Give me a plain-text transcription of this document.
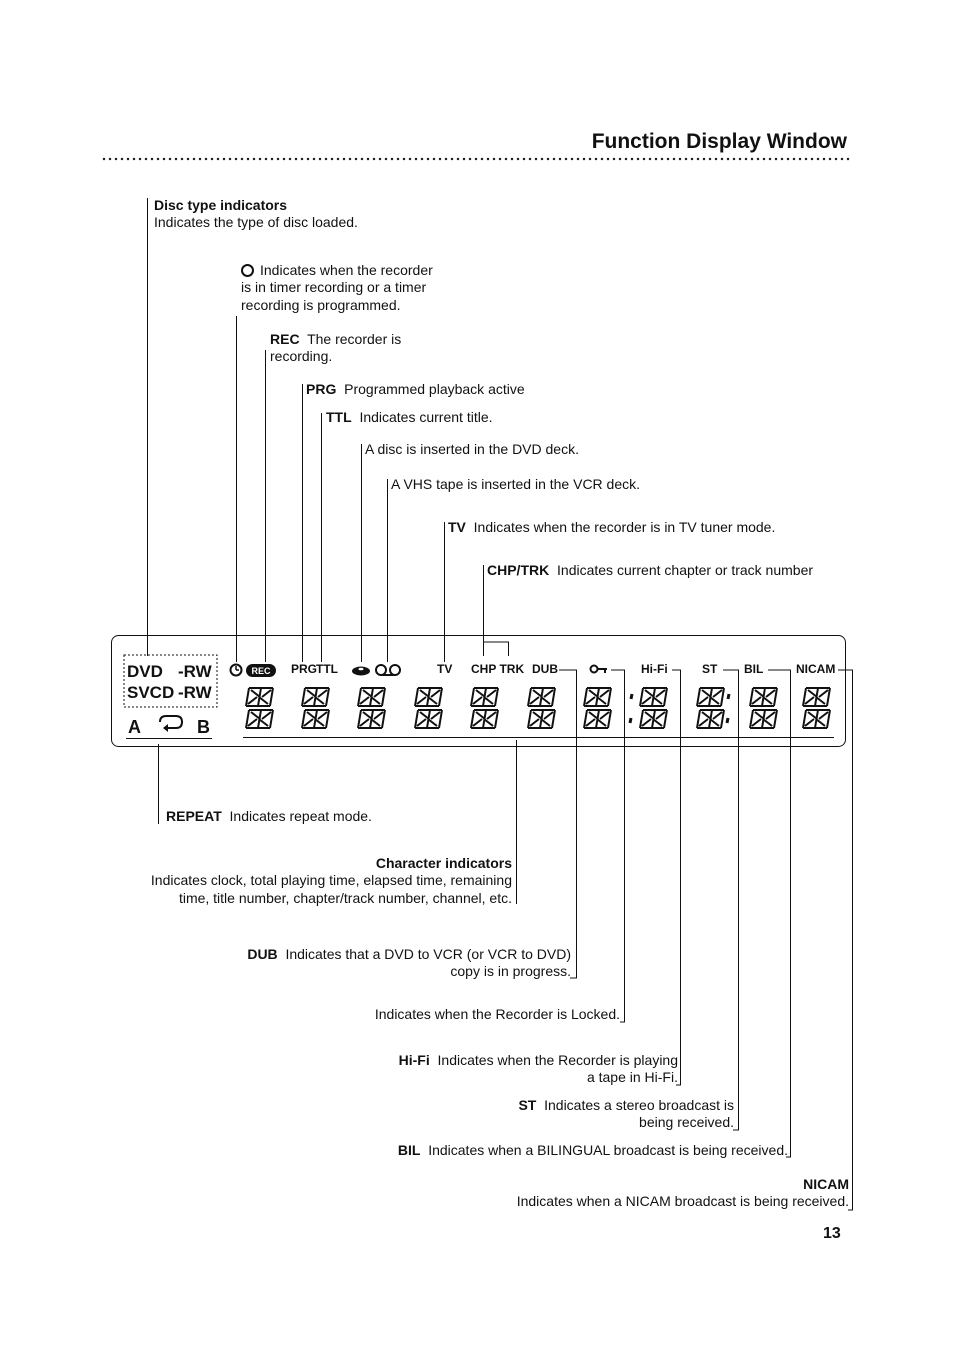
Function Display Window
Disc type indicators
Indicates the type of disc loaded.
Indicates when the recorder
is in timer recording or a timer
recording is programmed.
REC The recorder is
recording.
PRG Programmed playback active
TTL Indicates current title.
A disc is inserted in the DVD deck.
A VHS tape is inserted in the VCR deck.
TV Indicates when the recorder is in TV tuner mode.
CHP/TRK Indicates current chapter or track number
REPEAT Indicates repeat mode.
Character indicators
Indicates clock, total playing time, elapsed time, remaining
time, title number, chapter/track number, channel, etc.
DUB Indicates that a DVD to VCR (or VCR to DVD)
copy is in progress.
Indicates when the Recorder is Locked.
Hi-Fi Indicates when the Recorder is playing
a tape in Hi-Fi.
ST Indicates a stereo broadcast is
being received.
BIL Indicates when a BILINGUAL broadcast is being received.
NICAM
Indicates when a NICAM broadcast is being received.
13
DVD -RW
SVCD -RW
A	B
REC PRG
TTL	TV CHP TRK DUB	Hi-Fi	ST BIL	NICAM
